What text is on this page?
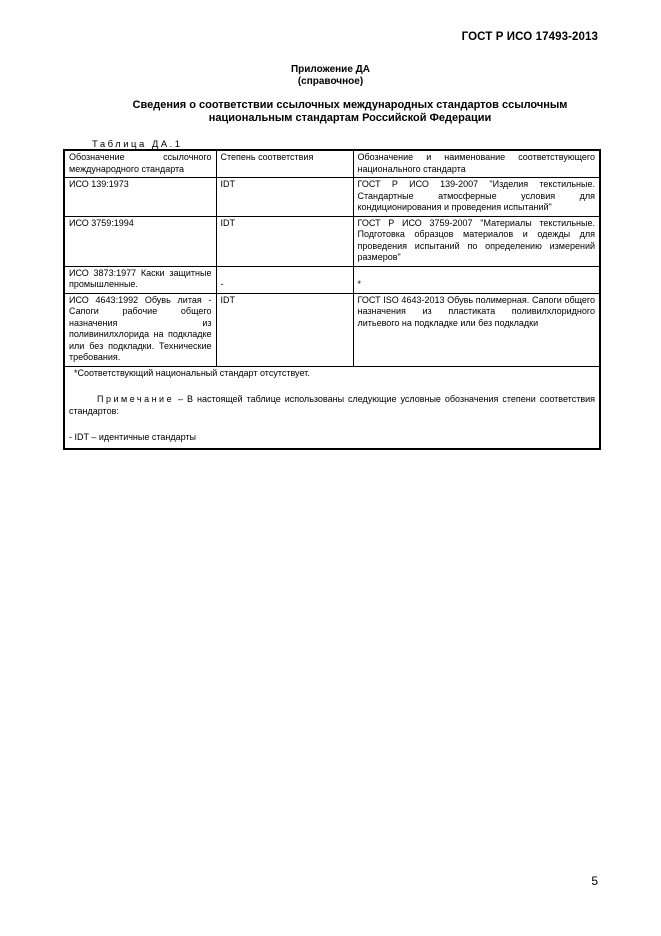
ГОСТ Р ИСО 17493-2013
Приложение ДА
(справочное)
Сведения о соответствии ссылочных международных стандартов ссылочным
национальным стандартам Российской Федерации
Таблица ДА.1
Обозначение ссылочного международного стандарта	Степень соответствия	Обозначение и наименование соответствующего национального стандарта
ИСО 139:1973	IDT	ГОСТ Р ИСО 139-2007 "Изделия текстильные. Стандартные атмосферные условия для кондиционирования и проведения испытаний"
ИСО 3759:1994	IDT	ГОСТ Р ИСО 3759-2007 "Материалы текстильные. Подготовка образцов материалов и одежды для проведения испытаний по определению измерений размеров"
ИСО 3873:1977 Каски защитные промышленные.	-	*
ИСО 4643:1992 Обувь литая - Сапоги рабочие общего назначения из поливинилхлорида на подкладке или без подкладки. Технические требования.	IDT	ГОСТ ISO 4643-2013 Обувь полимерная. Сапоги общего назначения из пластиката поливилхлоридного литьевого на подкладке или без подкладки

*Соответствующий национальный стандарт отсутствует.
Примечание – В настоящей таблице использованы следующие условные обозначения степени соответствия стандартов:
- IDT – идентичные стандарты		
5
